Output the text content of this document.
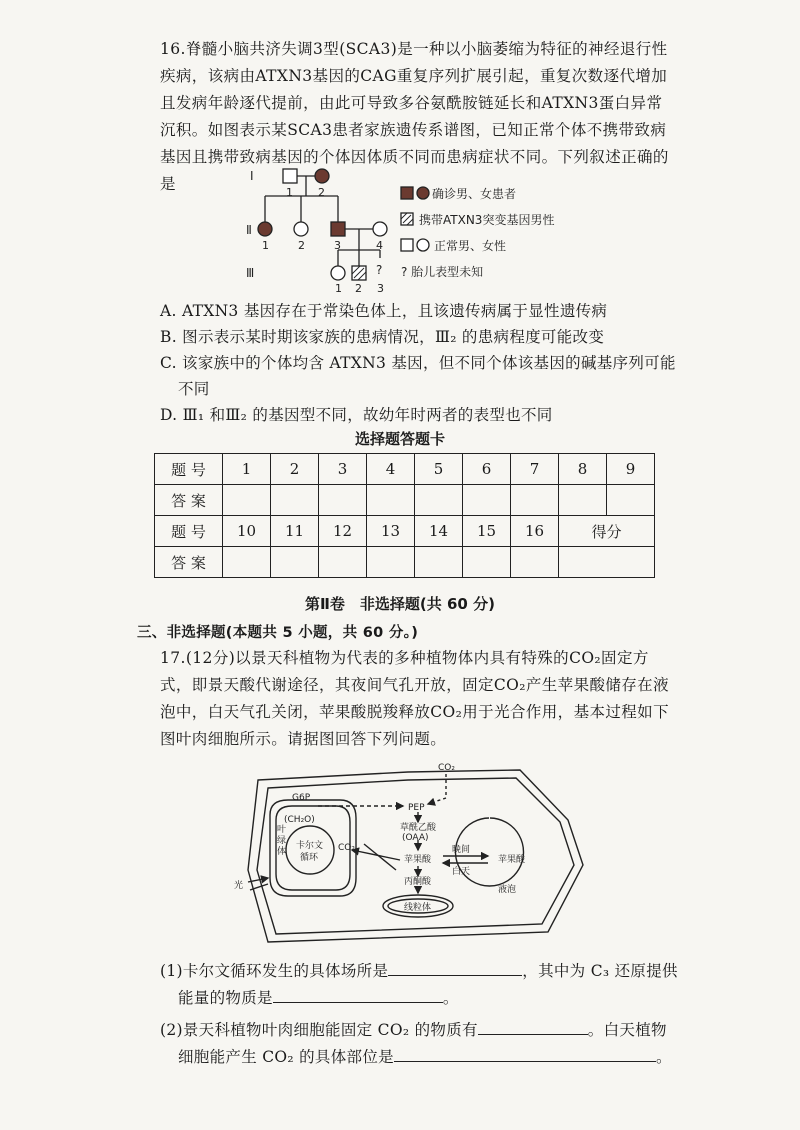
16.脊髓小脑共济失调3型(SCA3)是一种以小脑萎缩为特征的神经退行性疾病，该病由ATXN3基因的CAG重复序列扩展引起，重复次数逐代增加且发病年龄逐代提前，由此可导致多谷氨酰胺链延长和ATXN3蛋白异常沉积。如图表示某SCA3患者家族遗传系谱图，已知正常个体不携带致病基因且携带致病基因的个体因体质不同而患病症状不同。下列叙述正确的是	Ⅰ
Ⅱ
Ⅲ
1 2
1	2	3	4
1 2 3
?
确诊男、女患者
携带ATXN3突变基因男性
正常男、女性
? 胎儿表型未知
A. ATXN3 基因存在于常染色体上，且该遗传病属于显性遗传病
B. 图示表示某时期该家族的患病情况，Ⅲ₂ 的患病程度可能改变
C. 该家族中的个体均含 ATXN3 基因，但不同个体该基因的碱基序列可能
不同
D. Ⅲ₁ 和Ⅲ₂ 的基因型不同，故幼年时两者的表型也不同
选择题答题卡
题 号	1	2	3	4	5	6	7	8	9
答 案									
题 号	10	11	12	13	14	15	16	得分	
答 案									
第Ⅱ卷　非选择题(共 60 分)
三、非选择题(本题共 5 小题，共 60 分。)
17.(12分)以景天科植物为代表的多种植物体内具有特殊的CO₂固定方式，即景天酸代谢途径，其夜间气孔开放，固定CO₂产生苹果酸储存在液泡中，白天气孔关闭，苹果酸脱羧释放CO₂用于光合作用，基本过程如下图叶肉细胞所示。请据图回答下列问题。
CO₂
G6P
PEP
(CH₂O)
叶绿体
卡尔文
循环
CO₂
草酰乙酸
(OAA)
苹果酸
晚间
白天
苹果酸
丙酮酸
液泡
线粒体
光
(1)卡尔文循环发生的具体场所是	，其中为 C₃ 还原提供
能量的物质是	。
(2)景天科植物叶肉细胞能固定 CO₂ 的物质有	。白天植物
细胞能产生 CO₂ 的具体部位是	。
